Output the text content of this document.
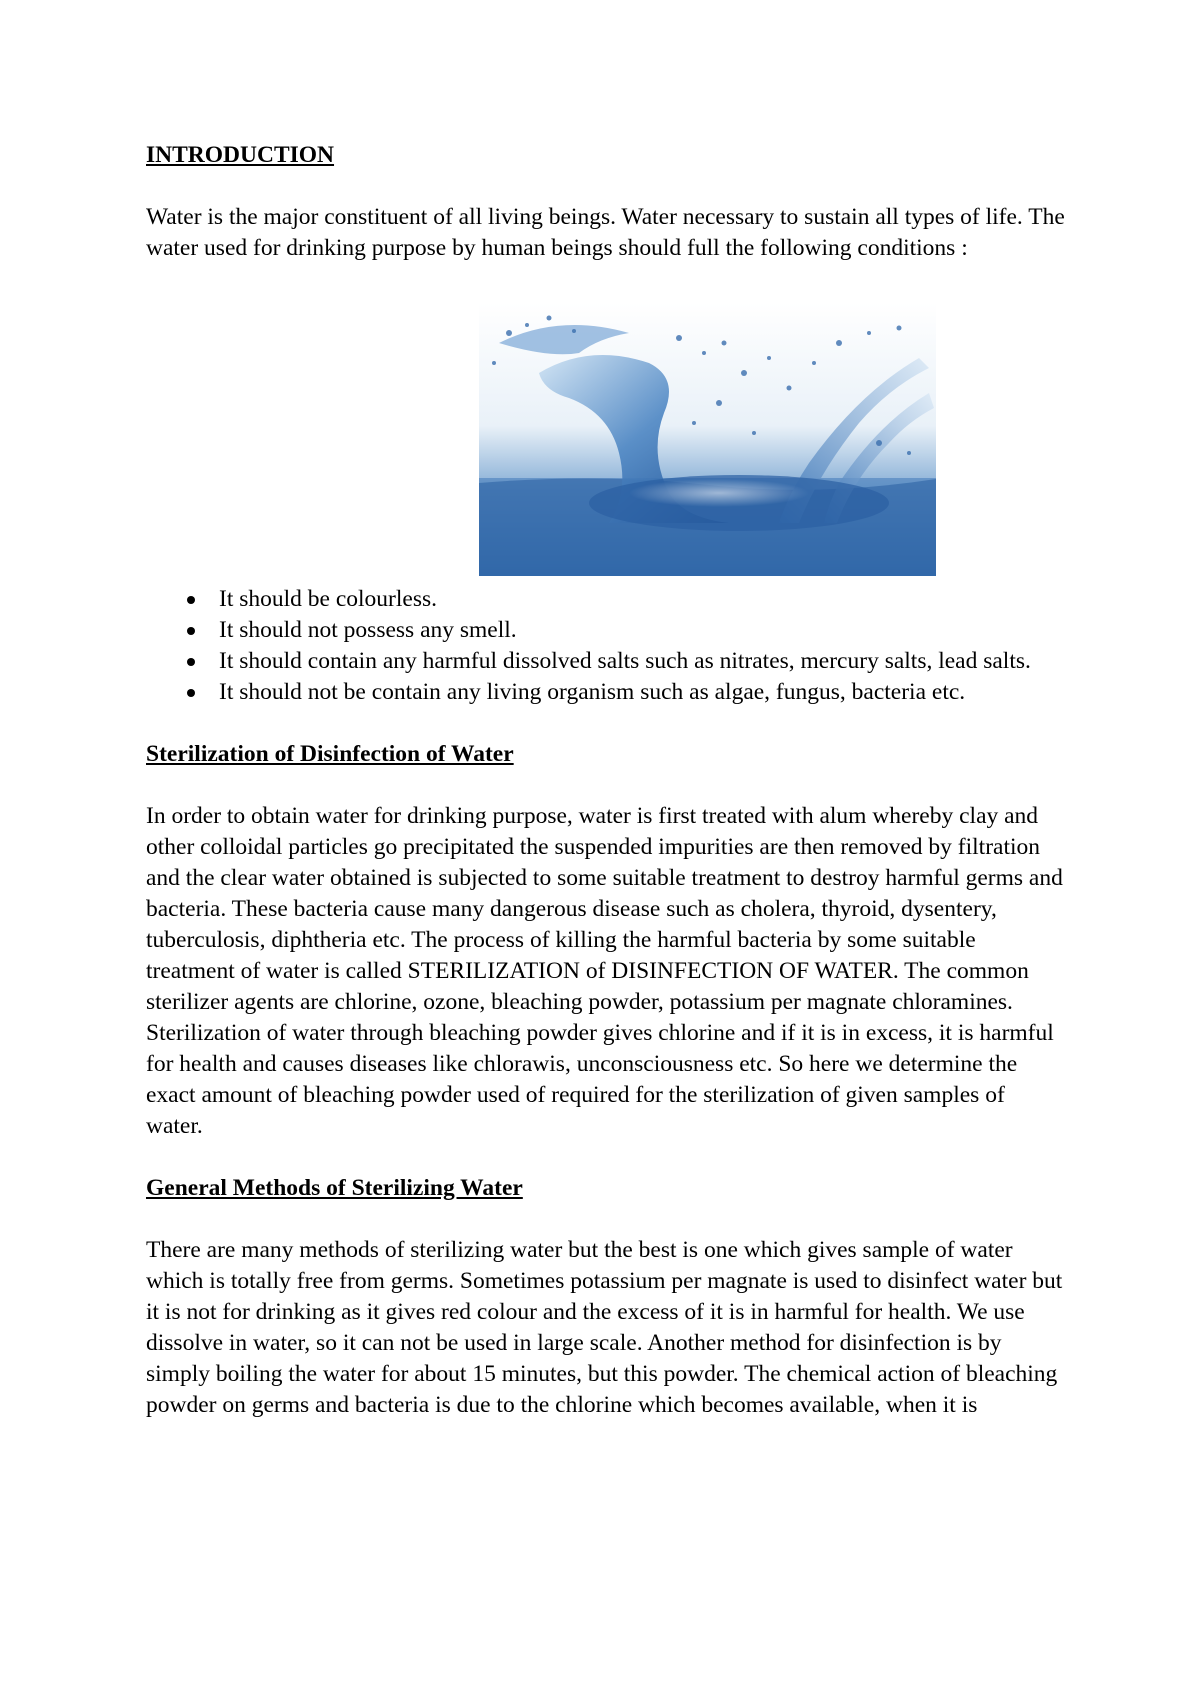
INTRODUCTION

Water is the major constituent of all living beings. Water necessary to sustain all types of life. The water used for drinking purpose by human beings should full the following conditions :

It should be colourless.
It should not possess any smell.
It should contain any harmful dissolved salts such as nitrates, mercury salts, lead salts.
It should not be contain any living organism such as algae, fungus, bacteria etc.
Sterilization of Disinfection of Water

In order to obtain water for drinking purpose, water is first treated with alum whereby clay and other colloidal particles go precipitated the suspended impurities are then removed by filtration and the clear water obtained is subjected to some suitable treatment to destroy harmful germs and bacteria. These bacteria cause many dangerous disease such as cholera, thyroid, dysentery, tuberculosis, diphtheria etc. The process of killing the harmful bacteria by some suitable treatment of water is called STERILIZATION of DISINFECTION OF WATER. The common sterilizer agents are chlorine, ozone, bleaching powder, potassium per magnate chloramines. Sterilization of water through bleaching powder gives chlorine and if it is in excess, it is harmful for health and causes diseases like chlorawis, unconsciousness etc. So here we determine the exact amount of bleaching powder used of required for the sterilization of given samples of water.

General Methods of Sterilizing Water

There are many methods of sterilizing water but the best is one which gives sample of water which is totally free from germs. Sometimes potassium per magnate is used to disinfect water but it is not for drinking as it gives red colour and the excess of it is in harmful for health. We use dissolve in water, so it can not be used in large scale. Another method for disinfection is by simply boiling the water for about 15 minutes, but this powder. The chemical action of bleaching powder on germs and bacteria is due to the chlorine which becomes available, when it is
